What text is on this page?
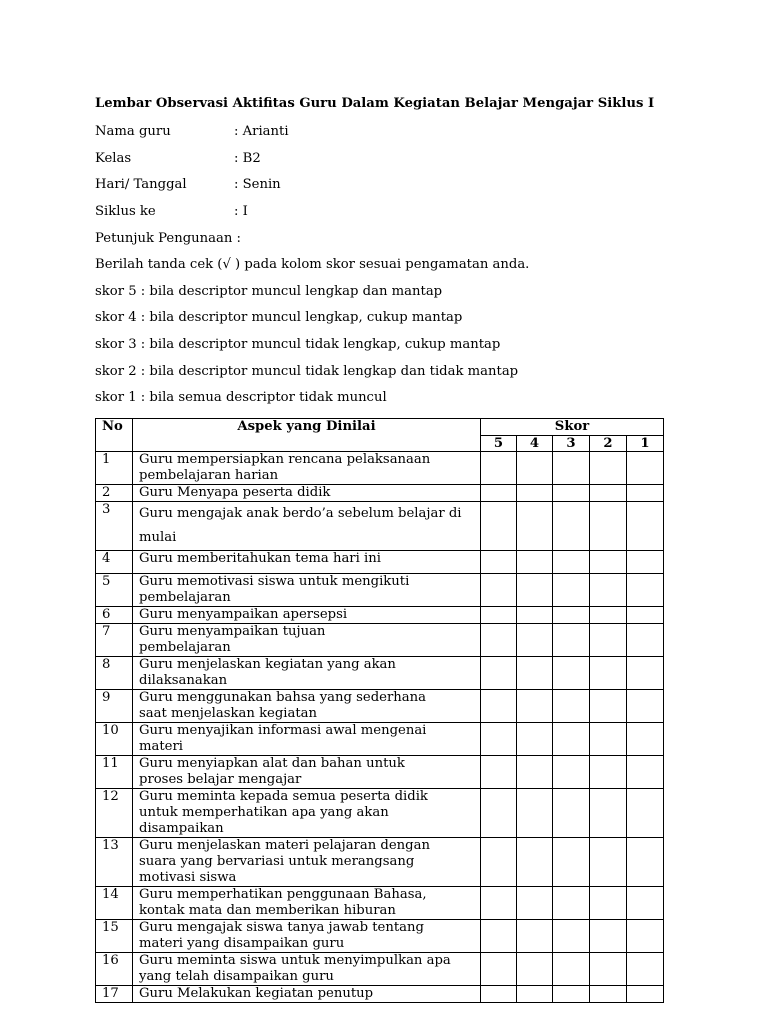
Lembar Observasi Aktifitas Guru Dalam Kegiatan Belajar Mengajar Siklus I
Nama guru	: Arianti
Kelas	: B2
Hari/ Tanggal	: Senin
Siklus ke	: I
Petunjuk Pengunaan :
Berilah tanda cek (√ ) pada kolom skor sesuai pengamatan anda.
skor 5 : bila descriptor muncul lengkap dan mantap
skor 4 : bila descriptor muncul lengkap, cukup mantap
skor 3 : bila descriptor muncul tidak lengkap, cukup mantap
skor 2 : bila descriptor muncul tidak lengkap dan tidak mantap
skor 1 : bila semua descriptor tidak muncul
No	Aspek yang Dinilai	Skor				
		5	4	3	2	1
1	Guru mempersiapkan rencana pelaksanaan
pembelajaran harian					

2	Guru Menyapa peserta didik					

3	Guru mengajak anak berdo’a sebelum belajar di
mulai					

4	Guru memberitahukan tema hari ini					

5	Guru memotivasi siswa untuk mengikuti
pembelajaran					

6	Guru menyampaikan apersepsi					

7	Guru menyampaikan tujuan
pembelajaran					

8	Guru menjelaskan kegiatan yang akan
dilaksanakan					

9	Guru menggunakan bahsa yang sederhana
saat menjelaskan kegiatan					

10	Guru menyajikan informasi awal mengenai
materi					

11	Guru menyiapkan alat dan bahan untuk
proses belajar mengajar					

12	Guru meminta kepada semua peserta didik
untuk memperhatikan apa yang akan
disampaikan					

13	Guru menjelaskan materi pelajaran dengan
suara yang bervariasi untuk merangsang
motivasi siswa					

14	Guru memperhatikan penggunaan Bahasa,
kontak mata dan memberikan hiburan					

15	Guru mengajak siswa tanya jawab tentang
materi yang disampaikan guru					

16	Guru meminta siswa untuk menyimpulkan apa
yang telah disampaikan guru					

17	Guru Melakukan kegiatan penutup					
